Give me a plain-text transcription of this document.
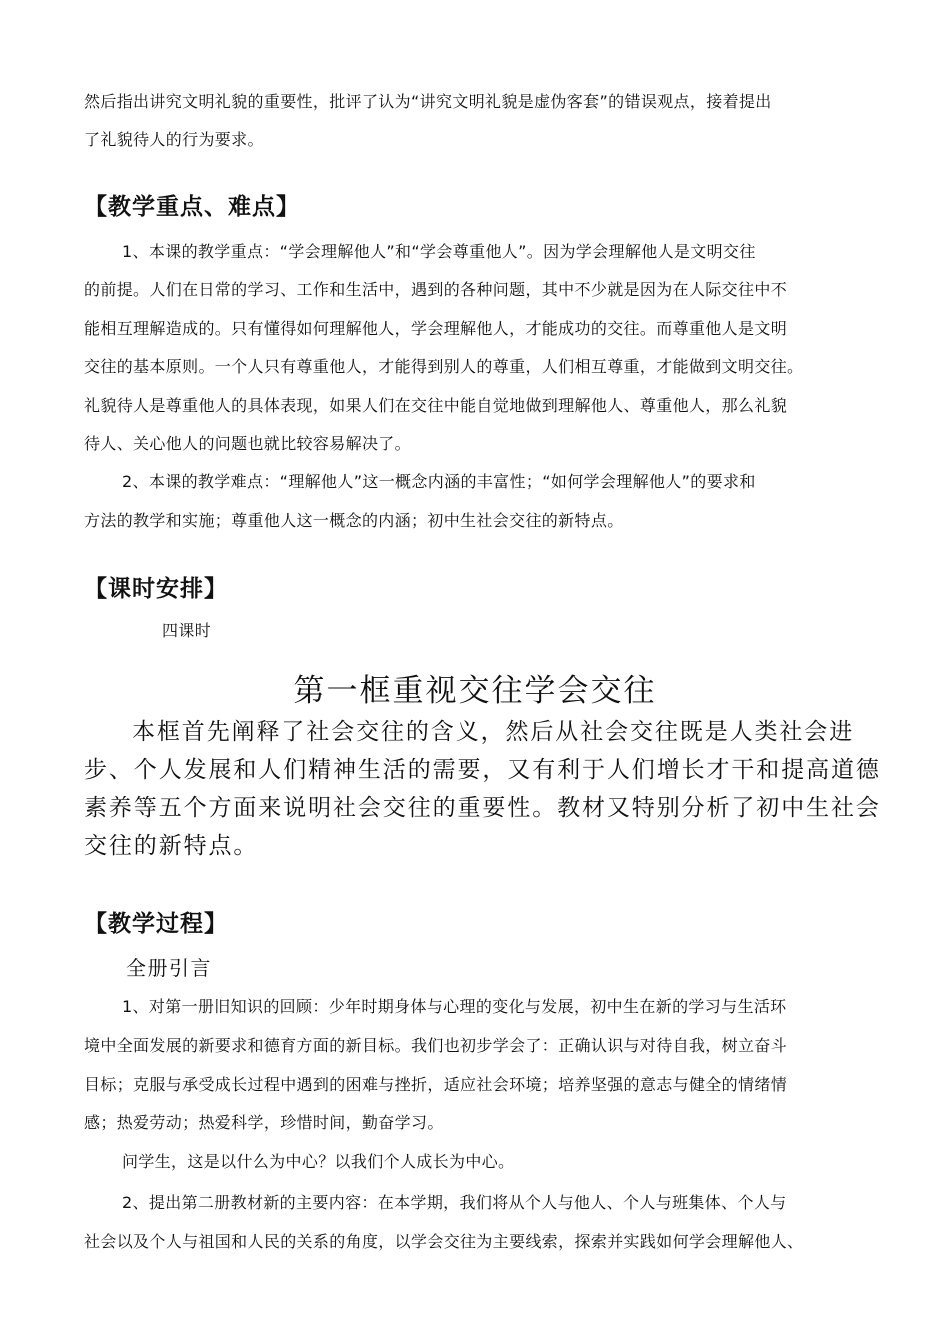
然后指出讲究文明礼貌的重要性，批评了认为“讲究文明礼貌是虚伪客套”的错误观点，接着提出
了礼貌待人的行为要求。
【教学重点、难点】
1、本课的教学重点：“学会理解他人”和“学会尊重他人”。因为学会理解他人是文明交往
的前提。人们在日常的学习、工作和生活中，遇到的各种问题，其中不少就是因为在人际交往中不
能相互理解造成的。只有懂得如何理解他人，学会理解他人，才能成功的交往。而尊重他人是文明
交往的基本原则。一个人只有尊重他人，才能得到别人的尊重，人们相互尊重，才能做到文明交往。
礼貌待人是尊重他人的具体表现，如果人们在交往中能自觉地做到理解他人、尊重他人，那么礼貌
待人、关心他人的问题也就比较容易解决了。
2、本课的教学难点：“理解他人”这一概念内涵的丰富性；“如何学会理解他人”的要求和
方法的教学和实施；尊重他人这一概念的内涵；初中生社会交往的新特点。
【课时安排】
四课时
第一框重视交往学会交往
本框首先阐释了社会交往的含义，然后从社会交往既是人类社会进
步、个人发展和人们精神生活的需要，又有利于人们增长才干和提高道德
素养等五个方面来说明社会交往的重要性。教材又特别分析了初中生社会
交往的新特点。
【教学过程】
全册引言
1、对第一册旧知识的回顾：少年时期身体与心理的变化与发展，初中生在新的学习与生活环
境中全面发展的新要求和德育方面的新目标。我们也初步学会了：正确认识与对待自我，树立奋斗
目标；克服与承受成长过程中遇到的困难与挫折，适应社会环境；培养坚强的意志与健全的情绪情
感；热爱劳动；热爱科学，珍惜时间，勤奋学习。
问学生，这是以什么为中心？以我们个人成长为中心。
2、提出第二册教材新的主要内容：在本学期，我们将从个人与他人、个人与班集体、个人与
社会以及个人与祖国和人民的关系的角度，以学会交往为主要线索，探索并实践如何学会理解他人、
